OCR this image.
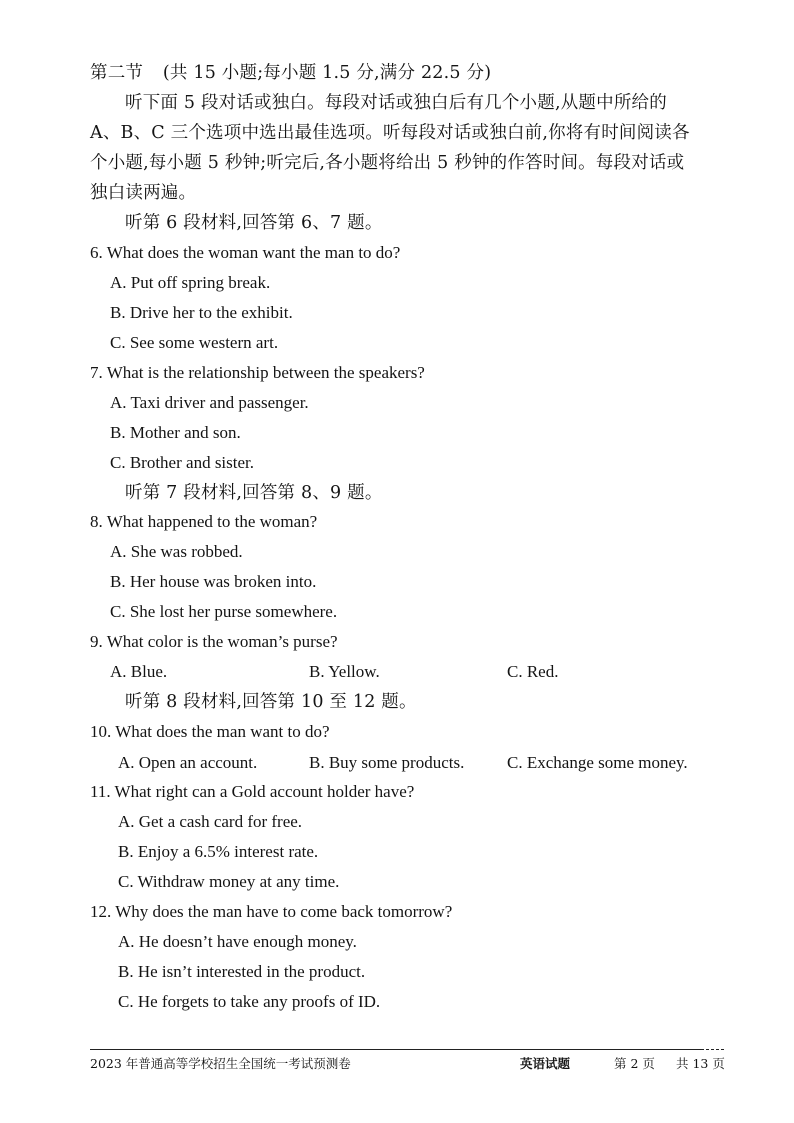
第二节 (共 15 小题;每小题 1.5 分,满分 22.5 分)
听下面 5 段对话或独白。每段对话或独白后有几个小题,从题中所给的
A、B、C 三个选项中选出最佳选项。听每段对话或独白前,你将有时间阅读各
个小题,每小题 5 秒钟;听完后,各小题将给出 5 秒钟的作答时间。每段对话或
独白读两遍。
听第 6 段材料,回答第 6、7 题。
6. What does the woman want the man to do?
A. Put off spring break.
B. Drive her to the exhibit.
C. See some western art.
7. What is the relationship between the speakers?
A. Taxi driver and passenger.
B. Mother and son.
C. Brother and sister.
听第 7 段材料,回答第 8、9 题。
8. What happened to the woman?
A. She was robbed.
B. Her house was broken into.
C. She lost her purse somewhere.
9. What color is the woman’s purse?
A. Blue.	B. Yellow.	C. Red.
听第 8 段材料,回答第 10 至 12 题。
10. What does the man want to do?
A. Open an account.	B. Buy some products.	C. Exchange some money.
11. What right can a Gold account holder have?
A. Get a cash card for free.
B. Enjoy a 6.5% interest rate.
C. Withdraw money at any time.
12. Why does the man have to come back tomorrow?
A. He doesn’t have enough money.
B. He isn’t interested in the product.
C. He forgets to take any proofs of ID.
2023 年普通高等学校招生全国统一考试预测卷	英语试题	第 2 页 共 13 页
